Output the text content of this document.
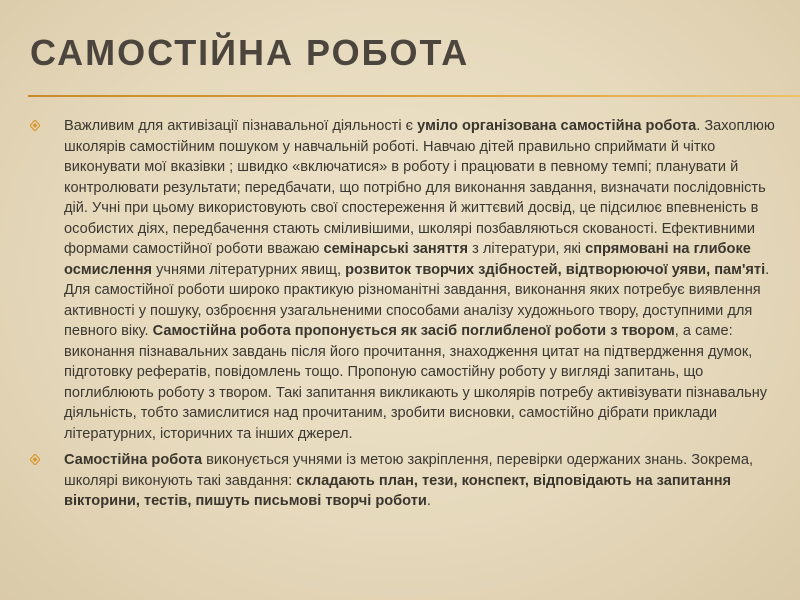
САМОСТІЙНА РОБОТА
Важливим для активізації пізнавальної діяльності є уміло організована самостійна робота. Захоплюю школярів самостійним пошуком у навчальній роботі. Навчаю дітей правильно сприймати й чітко виконувати мої вказівки ; швидко «включатися» в роботу і працювати в певному темпі; планувати й контролювати результати; передбачати, що потрібно для виконання завдання, визначати послідовність дій. Учні при цьому використовують свої спостереження й життєвий досвід, це підсилює впевненість в особистих діях, передбачення стають сміливішими, школярі позбавляються скованості. Ефективними формами самостійної роботи вважаю семінарські заняття з літератури, які спрямовані на глибоке осмислення учнями літературних явищ, розвиток творчих здібностей, відтворюючої уяви, пам'яті. Для самостійної роботи широко практикую різноманітні завдання, виконання яких потребує виявлення активності у пошуку, озброєння узагальненими способами аналізу художнього твору, доступними для певного віку. Самостійна робота пропонується як засіб поглибленої роботи з твором, а саме: виконання пізнавальних завдань після його прочитання, знаходження цитат на підтвердження думок, підготовку рефератів, повідомлень тощо. Пропоную самостійну роботу у вигляді запитань, що поглиблюють роботу з твором. Такі запитання викликають у школярів потребу активізувати пізнавальну діяльність, тобто замислитися над прочитаним, зробити висновки, самостійно дібрати приклади літературних, історичних та інших джерел.
Самостійна робота виконується учнями із метою закріплення, перевірки одержаних знань. Зокрема, школярі виконують такі завдання: складають план, тези, конспект, відповідають на запитання вікторини, тестів, пишуть письмові творчі роботи.
